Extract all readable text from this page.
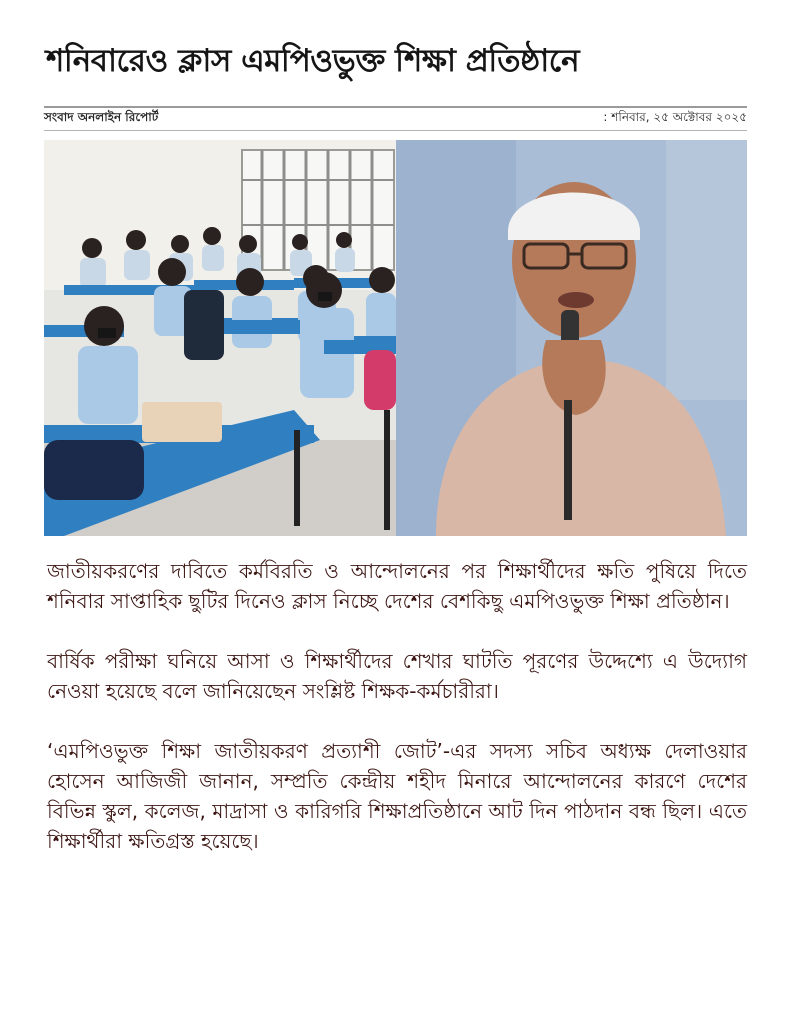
শনিবারেও ক্লাস এমপিওভুক্ত শিক্ষা প্রতিষ্ঠানে
সংবাদ অনলাইন রিপোর্ট	: শনিবার, ২৫ অক্টোবর ২০২৫

জাতীয়করণের দাবিতে কর্মবিরতি ও আন্দোলনের পর শিক্ষার্থীদের ক্ষতি পুষিয়ে দিতে শনিবার সাপ্তাহিক ছুটির দিনেও ক্লাস নিচ্ছে দেশের বেশকিছু এমপিওভুক্ত শিক্ষা প্রতিষ্ঠান।

বার্ষিক পরীক্ষা ঘনিয়ে আসা ও শিক্ষার্থীদের শেখার ঘাটতি পূরণের উদ্দেশ্যে এ উদ্যোগ নেওয়া হয়েছে বলে জানিয়েছেন সংশ্লিষ্ট শিক্ষক-কর্মচারীরা।

‘এমপিওভুক্ত শিক্ষা জাতীয়করণ প্রত্যাশী জোট’-এর সদস্য সচিব অধ্যক্ষ দেলাওয়ার হোসেন আজিজী জানান, সম্প্রতি কেন্দ্রীয় শহীদ মিনারে আন্দোলনের কারণে দেশের বিভিন্ন স্কুল, কলেজ, মাদ্রাসা ও কারিগরি শিক্ষাপ্রতিষ্ঠানে আট দিন পাঠদান বন্ধ ছিল। এতে শিক্ষার্থীরা ক্ষতিগ্রস্ত হয়েছে।
